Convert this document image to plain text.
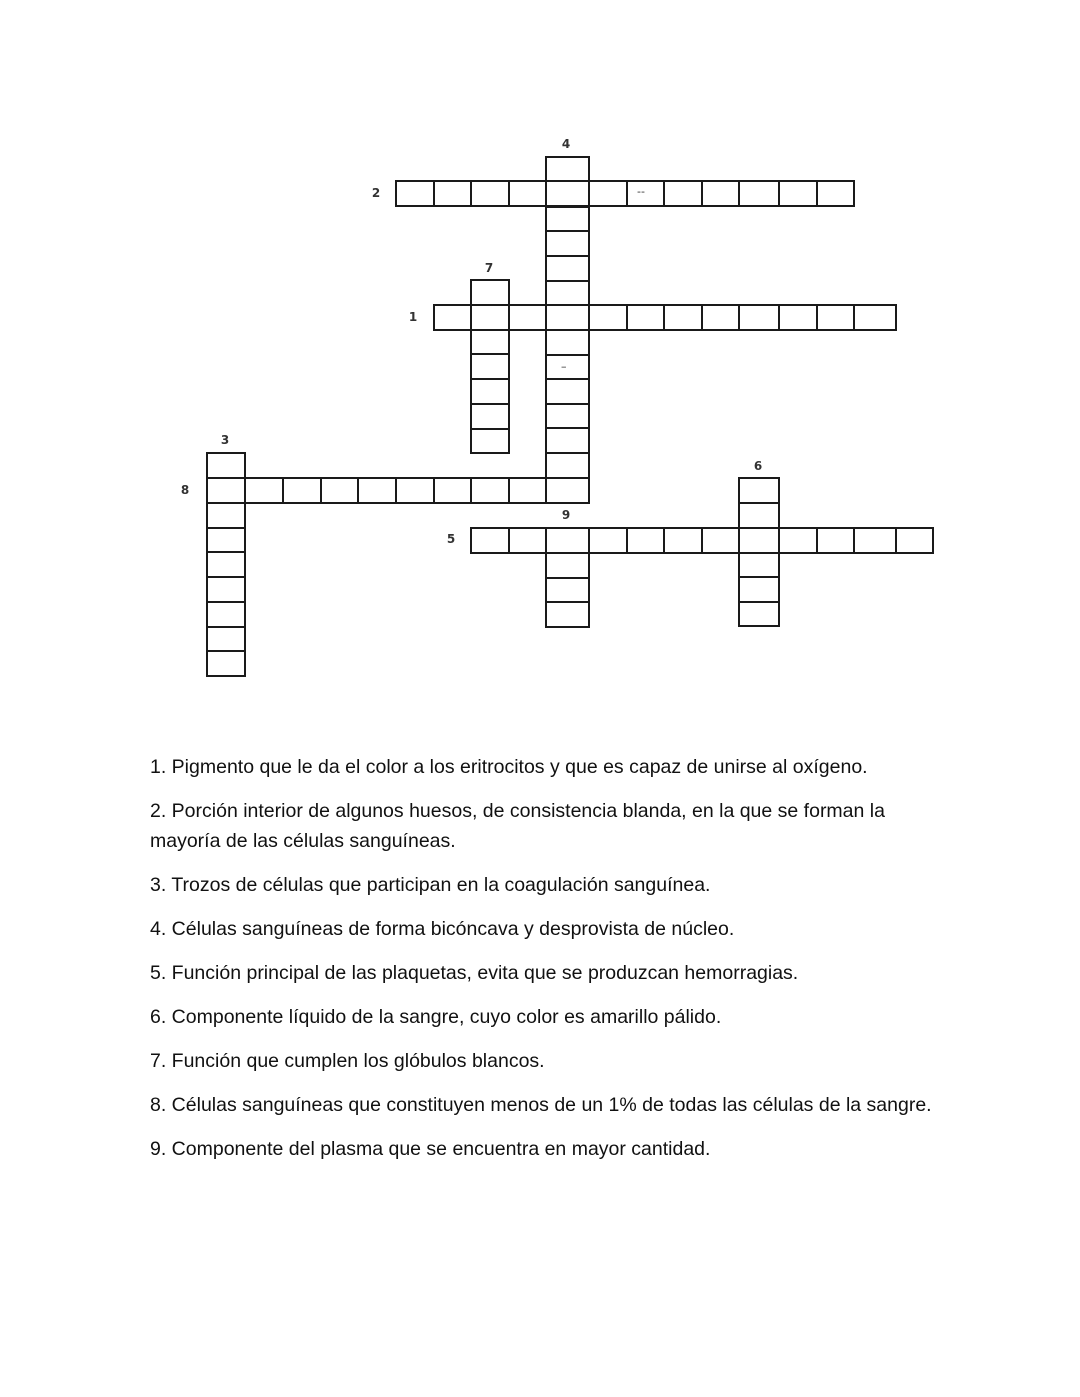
2
4
7
1
3
8
6
9
5
--
–

1. Pigmento que le da el color a los eritrocitos y que es capaz de unirse al oxígeno.

2. Porción interior de algunos huesos, de consistencia blanda, en la que se forman la mayoría de las células sanguíneas.

3. Trozos de células que participan en la coagulación sanguínea.

4. Células sanguíneas de forma bicóncava y desprovista de núcleo.

5. Función principal de las plaquetas, evita que se produzcan hemorragias.

6. Componente líquido de la sangre, cuyo color es amarillo pálido.

7. Función que cumplen los glóbulos blancos.

8. Células sanguíneas que constituyen menos de un 1% de todas las células de la sangre.

9. Componente del plasma que se encuentra en mayor cantidad.
